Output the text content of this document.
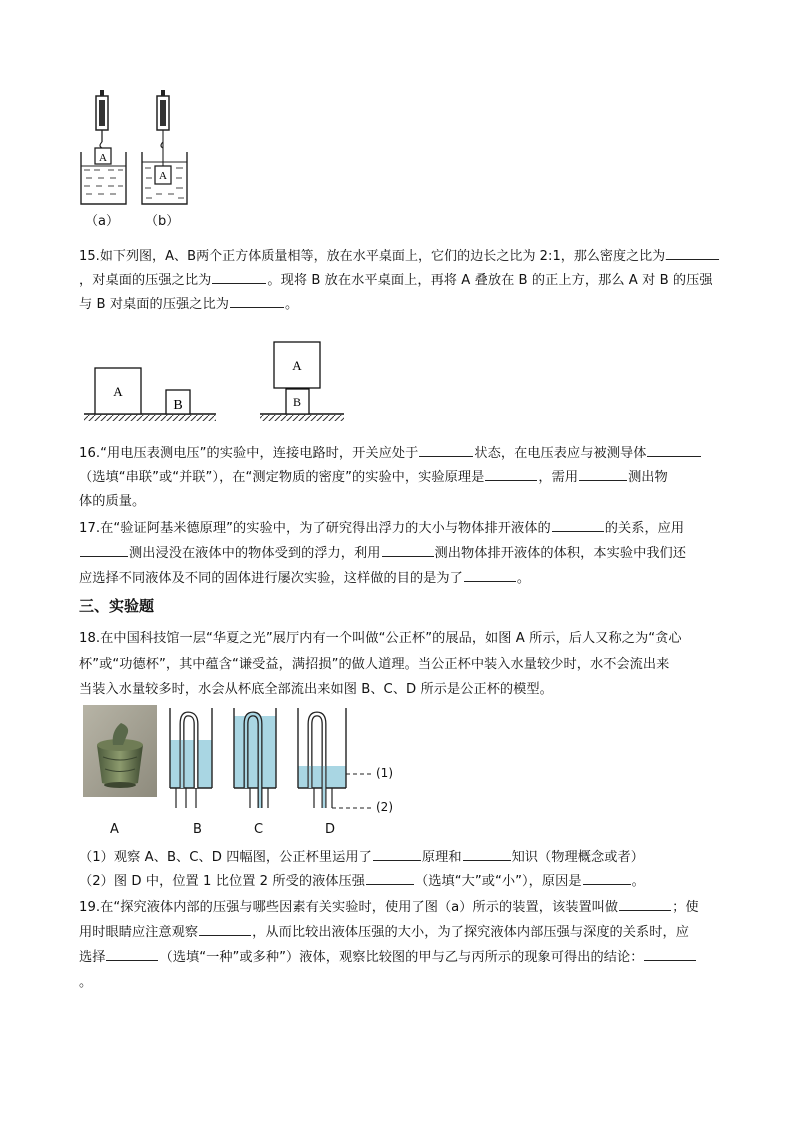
A
A
（a） （b）
15.如下列图，A、B两个正方体质量相等，放在水平桌面上，它们的边长之比为 2:1，那么密度之比为
，对桌面的压强之比为	。现将 B 放在水平桌面上，再将 A 叠放在 B 的正上方，那么 A 对 B 的压强
与 B 对桌面的压强之比为	。
A
B
A
B
16.“用电压表测电压”的实验中，连接电路时，开关应处于	状态，在电压表应与被测导体
（选填“串联”或“并联”），在“测定物质的密度”的实验中，实验原理是	，需用	测出物
体的质量。
17.在“验证阿基米德原理”的实验中，为了研究得出浮力的大小与物体排开液体的	的关系，应用
测出浸没在液体中的物体受到的浮力，利用	测出物体排开液体的体积，本实验中我们还
应选择不同液体及不同的固体进行屡次实验，这样做的目的是为了	。
三、实验题
18.在中国科技馆一层“华夏之光”展厅内有一个叫做“公正杯”的展品，如图 A 所示，后人又称之为“贪心
杯”或“功德杯”，其中蕴含“谦受益，满招损”的做人道理。当公正杯中装入水量较少时，水不会流出来
当装入水量较多时，水会从杯底全部流出来如图 B、C、D 所示是公正杯的模型。
(1)
(2)
A	B	C	D
（1）观察 A、B、C、D 四幅图，公正杯里运用了	原理和	知识（物理概念或者）
（2）图 D 中，位置 1 比位置 2 所受的液体压强	（选填“大”或“小”），原因是	。
19.在“探究液体内部的压强与哪些因素有关实验时，使用了图（a）所示的装置，该装置叫做	；使
用时眼睛应注意观察	，从而比较出液体压强的大小，为了探究液体内部压强与深度的关系时，应
选择	（选填“一种”或多种”）液体，观察比较图的甲与乙与丙所示的现象可得出的结论：
。
